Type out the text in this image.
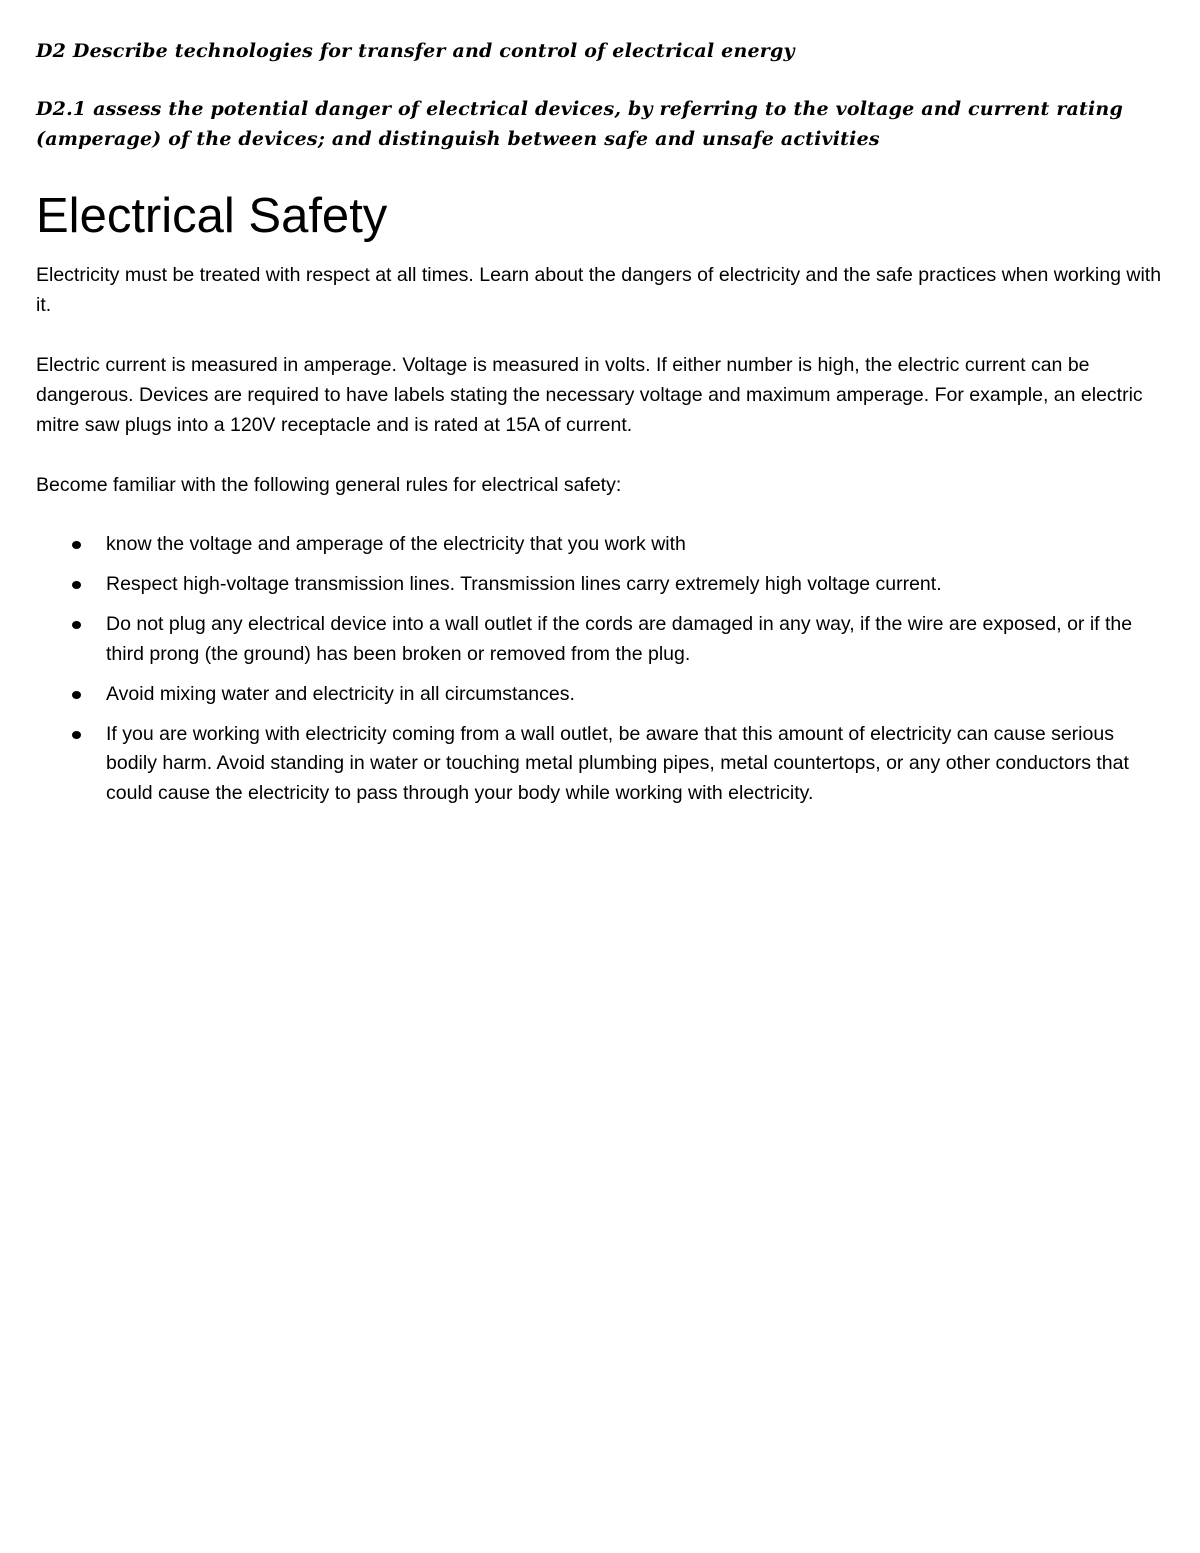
D2 Describe technologies for transfer and control of electrical energy

D2.1 assess the potential danger of electrical devices, by referring to the voltage and current rating (amperage) of the devices; and distinguish between safe and unsafe activities

Electrical Safety

Electricity must be treated with respect at all times. Learn about the dangers of electricity and the safe practices when working with it.

Electric current is measured in amperage. Voltage is measured in volts. If either number is high, the electric current can be dangerous. Devices are required to have labels stating the necessary voltage and maximum amperage. For example, an electric mitre saw plugs into a 120V receptacle and is rated at 15A of current.

Become familiar with the following general rules for electrical safety:

know the voltage and amperage of the electricity that you work with
Respect high-voltage transmission lines. Transmission lines carry extremely high voltage current.
Do not plug any electrical device into a wall outlet if the cords are damaged in any way, if the wire are exposed, or if the third prong (the ground) has been broken or removed from the plug.
Avoid mixing water and electricity in all circumstances.
If you are working with electricity coming from a wall outlet, be aware that this amount of electricity can cause serious bodily harm. Avoid standing in water or touching metal plumbing pipes, metal countertops, or any other conductors that could cause the electricity to pass through your body while working with electricity.
